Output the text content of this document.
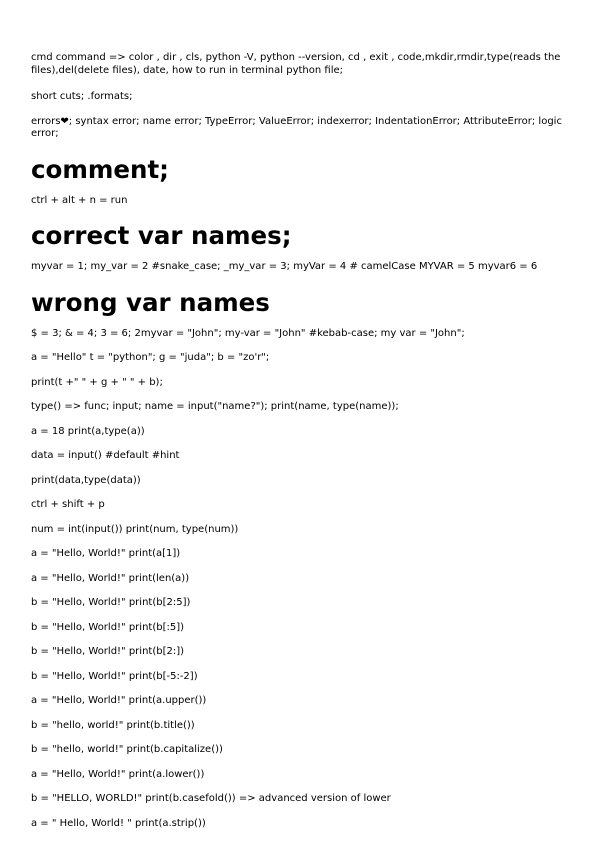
cmd command => color , dir , cls, python -V, python --version, cd , exit , code,mkdir,rmdir,type(reads the files),del(delete files), date, how to run in terminal python file;

short cuts; .formats;

errors❤; syntax error; name error; TypeError; ValueError; indexerror; IndentationError; AttributeError; logic error;

comment;

ctrl + alt + n = run

correct var names;

myvar = 1; my_var = 2 #snake_case; _my_var = 3; myVar = 4 # camelCase MYVAR = 5 myvar6 = 6

wrong var names

$ = 3; & = 4; 3 = 6; 2myvar = "John"; my-var = "John" #kebab-case; my var = "John";

a = "Hello" t = "python"; g = "juda"; b = "zo'r";

print(t +" " + g + " " + b);

type() => func; input; name = input("name?"); print(name, type(name));

a = 18 print(a,type(a))

data = input() #default #hint

print(data,type(data))

ctrl + shift + p

num = int(input()) print(num, type(num))

a = "Hello, World!" print(a[1])

a = "Hello, World!" print(len(a))

b = "Hello, World!" print(b[2:5])

b = "Hello, World!" print(b[:5])

b = "Hello, World!" print(b[2:])

b = "Hello, World!" print(b[-5:-2])

a = "Hello, World!" print(a.upper())

b = "hello, world!" print(b.title())

b = "hello, world!" print(b.capitalize())

a = "Hello, World!" print(a.lower())

b = "HELLO, WORLD!" print(b.casefold()) => advanced version of lower

a = " Hello, World! " print(a.strip())
